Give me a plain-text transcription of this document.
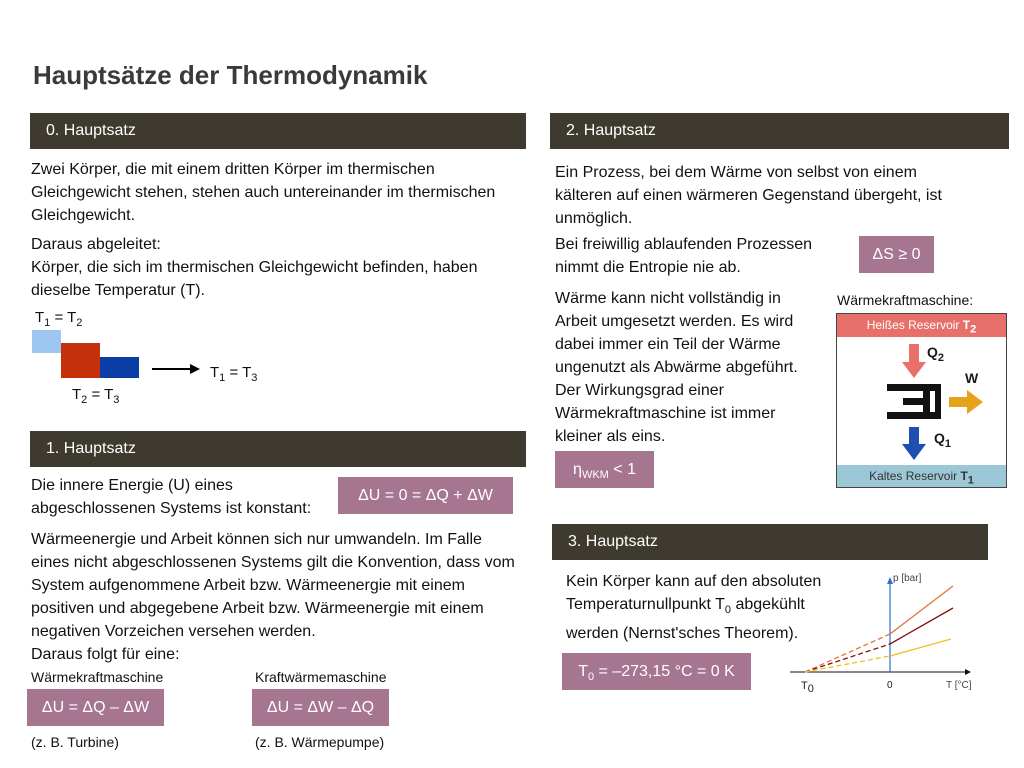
Hauptsätze der Thermodynamik
0. Hauptsatz
Zwei Körper, die mit einem dritten Körper im thermischen Gleichgewicht stehen, stehen auch untereinander im thermischen Gleichgewicht.
Daraus abgeleitet:
Körper, die sich im thermischen Gleichgewicht befinden, haben dieselbe Temperatur (T).
$T_1 = T_2$
$T_2 = T_3$
$T_1 = T_3$
1. Hauptsatz
Die innere Energie (U) eines abgeschlossenen Systems ist konstant:
ΔU = 0 = ΔQ + ΔW
Wärmeenergie und Arbeit können sich nur umwandeln. Im Falle eines nicht abgeschlossenen Systems gilt die Konvention, dass vom System aufgenommene Arbeit bzw. Wärmeenergie mit einem positiven und abgegebene Arbeit bzw. Wärmeenergie mit einem negativen Vorzeichen versehen werden.
Daraus folgt für eine:
Wärmekraftmaschine
ΔU = ΔQ – ΔW
(z. B. Turbine)
Kraftwärmemaschine
ΔU = ΔW – ΔQ
(z. B. Wärmepumpe)
2. Hauptsatz
Ein Prozess, bei dem Wärme von selbst von einem kälteren auf einen wärmeren Gegenstand übergeht, ist unmöglich.
Bei freiwillig ablaufenden Prozessen nimmt die Entropie nie ab.
ΔS ≥ 0
Wärme kann nicht vollständig in Arbeit umgesetzt werden. Es wird dabei immer ein Teil der Wärme ungenutzt als Abwärme abgeführt. Der Wirkungsgrad einer Wärmekraftmaschine ist immer kleiner als eins.
$\eta_{WKM} < 1$
Wärmekraftmaschine:
Heißes Reservoir $T_2$
Kaltes Reservoir $T_1$
$Q_2$
W
$Q_1$
3. Hauptsatz
Kein Körper kann auf den absoluten Temperaturnullpunkt $T_0$ abgekühlt werden (Nernst'sches Theorem).
$T_0 = -273,15$ °C = 0 K
p [bar]
T [°C]
$T_0$	0
